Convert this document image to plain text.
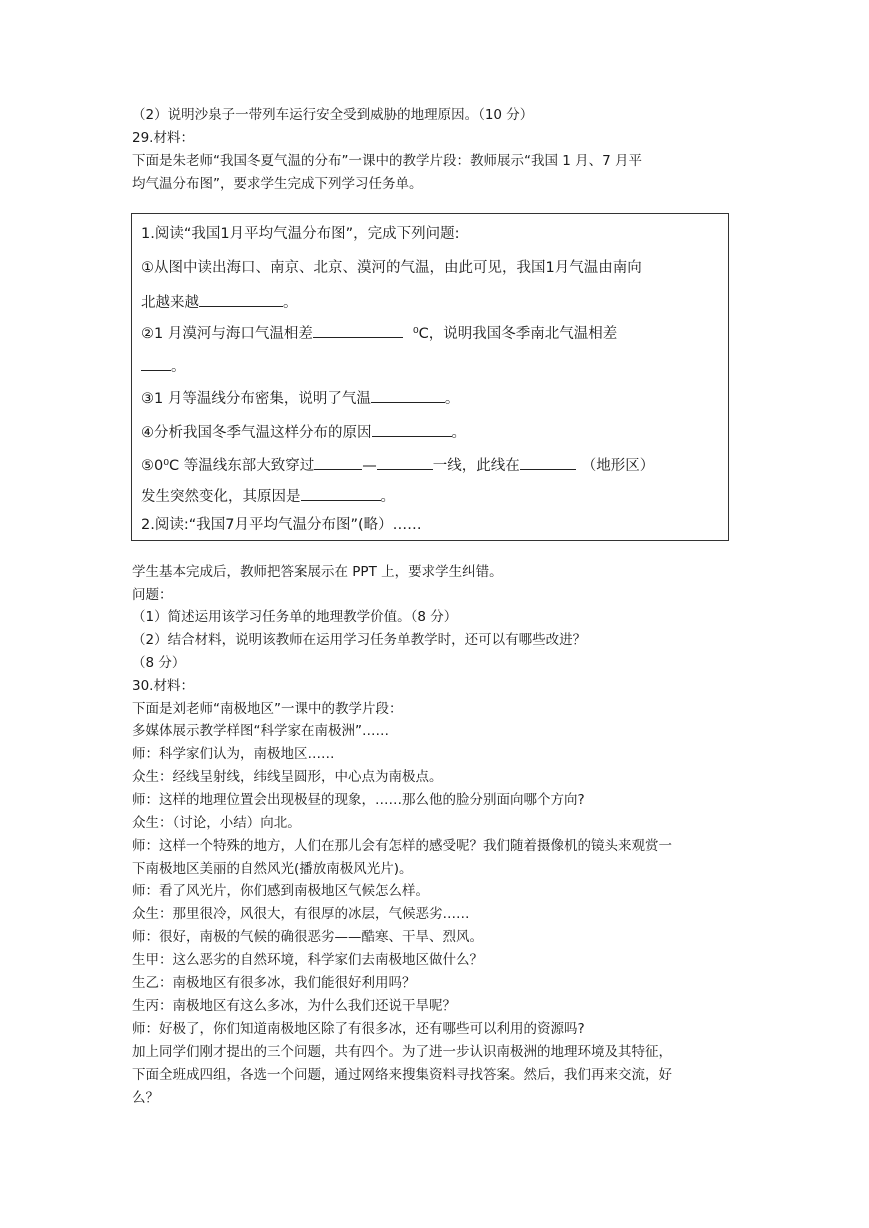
（2）说明沙泉子一带列车运行安全受到威胁的地理原因。（10 分）
29.材料：
下面是朱老师“我国冬夏气温的分布”一课中的教学片段：教师展示“我国 1 月、7 月平
均气温分布图”，要求学生完成下列学习任务单。
1.阅读“我国1月平均气温分布图”，完成下列问题:
①从图中读出海口、南京、北京、漠河的气温，由此可见，我国1月气温由南向
北越来越	。
②1 月漠河与海口气温相差	⁰C，说明我国冬季南北气温相差
。
③1 月等温线分布密集，说明了气温	。
④分析我国冬季气温这样分布的原因	。
⑤0⁰C 等温线东部大致穿过	—	一线，此线在	（地形区）
发生突然变化，其原因是	。
2.阅读:“我国7月平均气温分布图”(略）……
学生基本完成后，教师把答案展示在 PPT 上，要求学生纠错。
问题：
（1）简述运用该学习任务单的地理教学价值。（8 分）
（2）结合材料，说明该教师在运用学习任务单教学时，还可以有哪些改进？
（8 分）
30.材料：
下面是刘老师“南极地区”一课中的教学片段：
多媒体展示教学样图“科学家在南极洲”……
师：科学家们认为，南极地区……
众生：经线呈射线，纬线呈圆形，中心点为南极点。
师：这样的地理位置会出现极昼的现象，……那么他的脸分别面向哪个方向?
众生：（讨论，小结）向北。
师：这样一个特殊的地方，人们在那儿会有怎样的感受呢？我们随着摄像机的镜头来观赏一
下南极地区美丽的自然风光(播放南极风光片)。
师：看了风光片，你们感到南极地区气候怎么样。
众生：那里很冷，风很大，有很厚的冰层，气候恶劣……
师：很好，南极的气候的确很恶劣——酷寒、干旱、烈风。
生甲：这么恶劣的自然环境，科学家们去南极地区做什么？
生乙：南极地区有很多冰，我们能很好利用吗？
生丙：南极地区有这么多冰，为什么我们还说干旱呢？
师：好极了，你们知道南极地区除了有很多冰，还有哪些可以利用的资源吗?
加上同学们刚才提出的三个问题，共有四个。为了进一步认识南极洲的地理环境及其特征，
下面全班成四组，各选一个问题，通过网络来搜集资料寻找答案。然后，我们再来交流，好
么？
